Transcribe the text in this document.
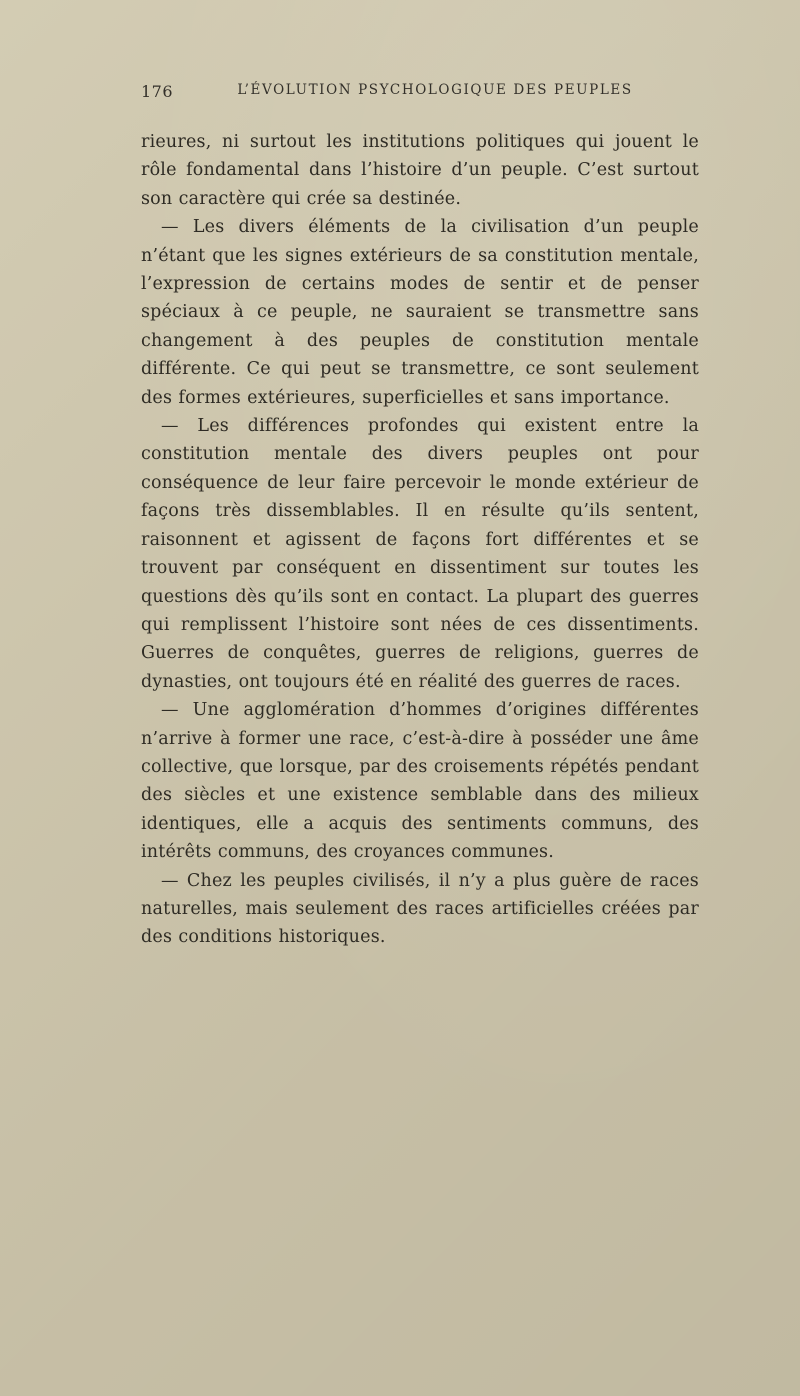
176	L’ÉVOLUTION PSYCHOLOGIQUE DES PEUPLES

rieures, ni surtout les institutions politiques qui jouent le rôle fondamental dans l’histoire d’un peuple. C’est surtout son caractère qui crée sa destinée.

— Les divers éléments de la civilisation d’un peuple n’étant que les signes extérieurs de sa constitution mentale, l’expression de certains modes de sentir et de penser spéciaux à ce peuple, ne sauraient se transmettre sans changement à des peuples de constitution mentale différente. Ce qui peut se transmettre, ce sont seulement des formes extérieures, superficielles et sans importance.

— Les différences profondes qui existent entre la constitution mentale des divers peuples ont pour conséquence de leur faire percevoir le monde extérieur de façons très dissemblables. Il en résulte qu’ils sentent, raisonnent et agissent de façons fort différentes et se trouvent par conséquent en dissentiment sur toutes les questions dès qu’ils sont en contact. La plupart des guerres qui remplissent l’histoire sont nées de ces dissentiments. Guerres de conquêtes, guerres de religions, guerres de dynasties, ont toujours été en réalité des guerres de races.

— Une agglomération d’hommes d’origines différentes n’arrive à former une race, c’est-à-dire à posséder une âme collective, que lorsque, par des croisements répétés pendant des siècles et une existence semblable dans des milieux identiques, elle a acquis des sentiments communs, des intérêts communs, des croyances communes.

— Chez les peuples civilisés, il n’y a plus guère de races naturelles, mais seulement des races artificielles créées par des conditions historiques.
